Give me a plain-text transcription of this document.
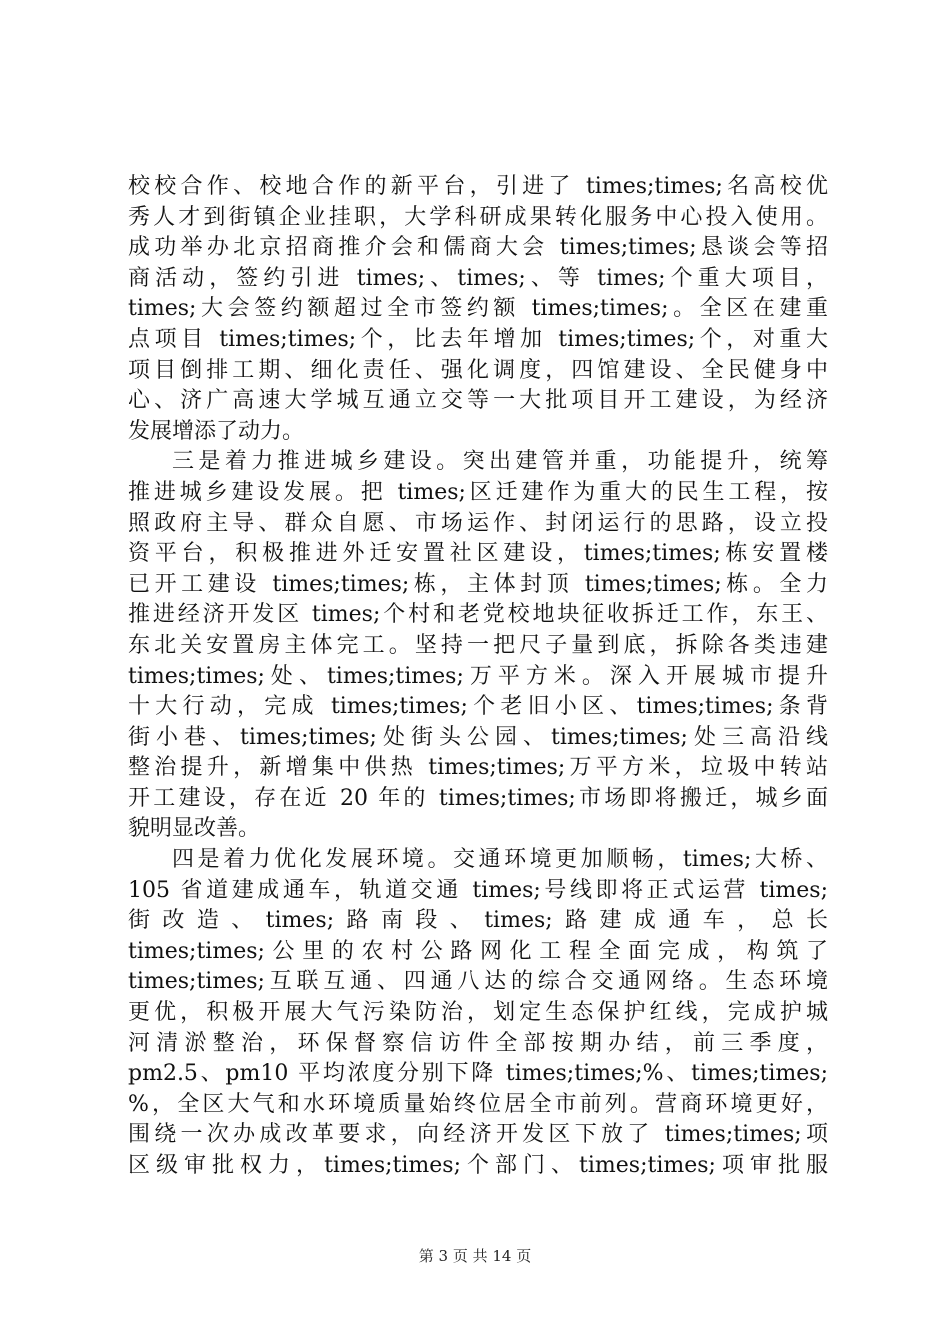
校校合作、校地合作的新平台，引进了 times;times;名高校优
秀人才到街镇企业挂职，大学科研成果转化服务中心投入使用。
成功举办北京招商推介会和儒商大会 times;times;恳谈会等招
商活动，签约引进 times;、times;、等 times;个重大项目，
times;大会签约额超过全市签约额 times;times;。全区在建重
点项目 times;times;个，比去年增加 times;times;个，对重大
项目倒排工期、细化责任、强化调度，四馆建设、全民健身中
心、济广高速大学城互通立交等一大批项目开工建设，为经济
发展增添了动力。
三是着力推进城乡建设。突出建管并重，功能提升，统筹
推进城乡建设发展。把 times;区迁建作为重大的民生工程，按
照政府主导、群众自愿、市场运作、封闭运行的思路，设立投
资平台，积极推进外迁安置社区建设，times;times;栋安置楼
已开工建设 times;times;栋，主体封顶 times;times;栋。全力
推进经济开发区 times;个村和老党校地块征收拆迁工作，东王、
东北关安置房主体完工。坚持一把尺子量到底，拆除各类违建
times;times;处、times;times;万平方米。深入开展城市提升
十大行动，完成 times;times;个老旧小区、times;times;条背
街小巷、times;times;处街头公园、times;times;处三高沿线
整治提升，新增集中供热 times;times;万平方米，垃圾中转站
开工建设，存在近 20 年的 times;times;市场即将搬迁，城乡面
貌明显改善。
四是着力优化发展环境。交通环境更加顺畅，times;大桥、
105 省道建成通车，轨道交通 times;号线即将正式运营 times;
街改造、times;路南段、times;路建成通车，总长
times;times;公里的农村公路网化工程全面完成，构筑了
times;times;互联互通、四通八达的综合交通网络。生态环境
更优，积极开展大气污染防治，划定生态保护红线，完成护城
河清淤整治，环保督察信访件全部按期办结，前三季度，
pm2.5、pm10 平均浓度分别下降 times;times;%、times;times;
%，全区大气和水环境质量始终位居全市前列。营商环境更好，
围绕一次办成改革要求，向经济开发区下放了 times;times;项
区级审批权力，times;times;个部门、times;times;项审批服
第 3 页 共 14 页
